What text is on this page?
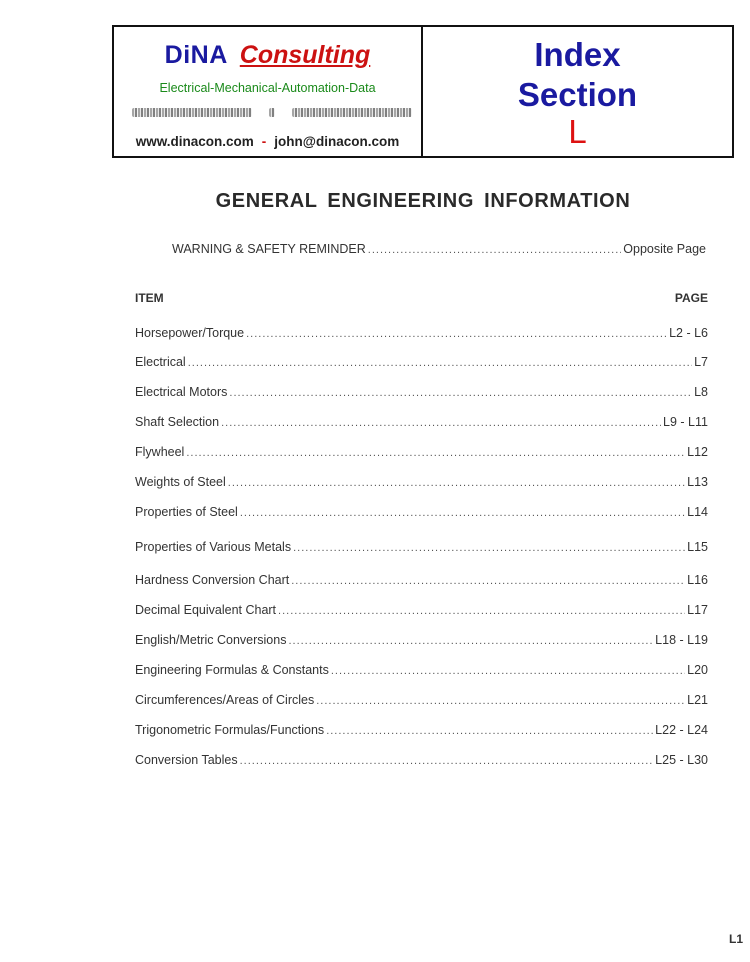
DiNA Consulting
Electrical-Mechanical-Automation-Data
www.dinacon.com - john@dinacon.com
Index
Section
L
GENERAL ENGINEERING INFORMATION
WARNING & SAFETY REMINDER .....	Opposite Page
ITEM	PAGE
Horsepower/Torque .....	L2 - L6
Electrical .....	L7
Electrical Motors .....	L8
Shaft Selection .....	L9 - L11
Flywheel .....	L12
Weights of Steel .....	L13
Properties of Steel .....	L14
Properties of Various Metals .....	L15
Hardness Conversion Chart .....	L16
Decimal Equivalent Chart .....	L17
English/Metric Conversions .....	L18 - L19
Engineering Formulas & Constants .....	L20
Circumferences/Areas of Circles .....	L21
Trigonometric Formulas/Functions .....	L22 - L24
Conversion Tables .....	L25 - L30
L1
